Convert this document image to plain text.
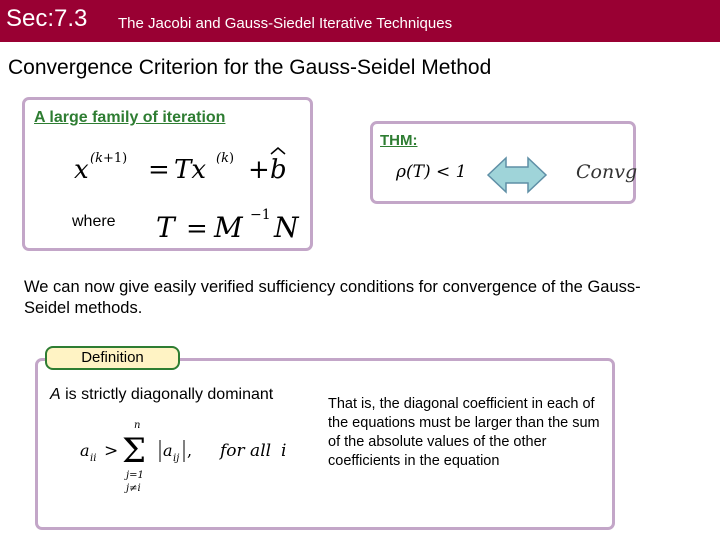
Sec:7.3 The Jacobi and Gauss-Siedel Iterative Techniques
Convergence Criterion for the Gauss-Seidel Method
A large family of iteration
x (k+1) = Tx (k) + b
where T = M −1 N
THM:
ρ(T) < 1	Convg
We can now give easily verified sufficiency conditions for convergence of the Gauss-Seidel methods.
Definition
A is strictly diagonally dominant
a ii >
n
Σ
j=1
j≠i
a ij , for all i
That is, the diagonal coefficient in each of the equations must be larger than the sum of the absolute values of the other coefficients in the equation
